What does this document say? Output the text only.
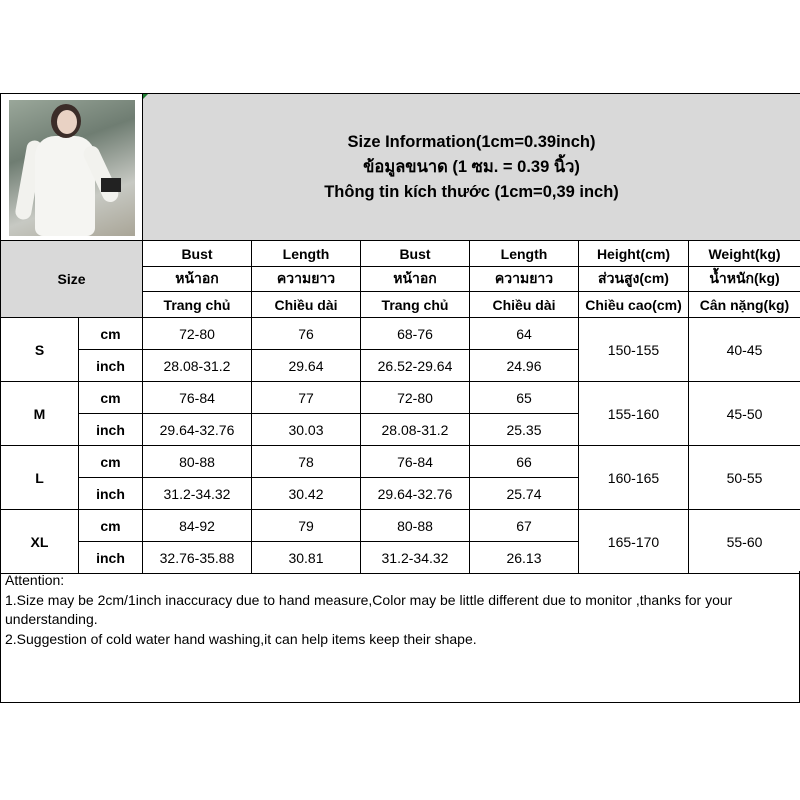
		Size Information(1cm=0.39inch)
ข้อมูลขนาด (1 ซม. = 0.39 นิ้ว)
Thông tin kích thước (1cm=0,39 inch)					

Size		Bust	Length	Bust	Length	Height(cm)	Weight(kg)
		หน้าอก	ความยาว	หน้าอก	ความยาว	ส่วนสูง(cm)	น้ำหนัก(kg)
		Trang chủ	Chiều dài	Trang chủ	Chiều dài	Chiều cao(cm)	Cân nặng(kg)
S	cm	72-80	76	68-76	64	150-155	40-45
	inch	28.08-31.2	29.64	26.52-29.64	24.96		
M	cm	76-84	77	72-80	65	155-160	45-50
	inch	29.64-32.76	30.03	28.08-31.2	25.35		
L	cm	80-88	78	76-84	66	160-165	50-55
	inch	31.2-34.32	30.42	29.64-32.76	25.74		
XL	cm	84-92	79	80-88	67	165-170	55-60
	inch	32.76-35.88	30.81	31.2-34.32	26.13		

Attention:

1.Size may be 2cm/1inch inaccuracy due to hand measure,Color may be little different due to monitor ,thanks for your understanding.

2.Suggestion of cold water hand washing,it can help items keep their shape.
